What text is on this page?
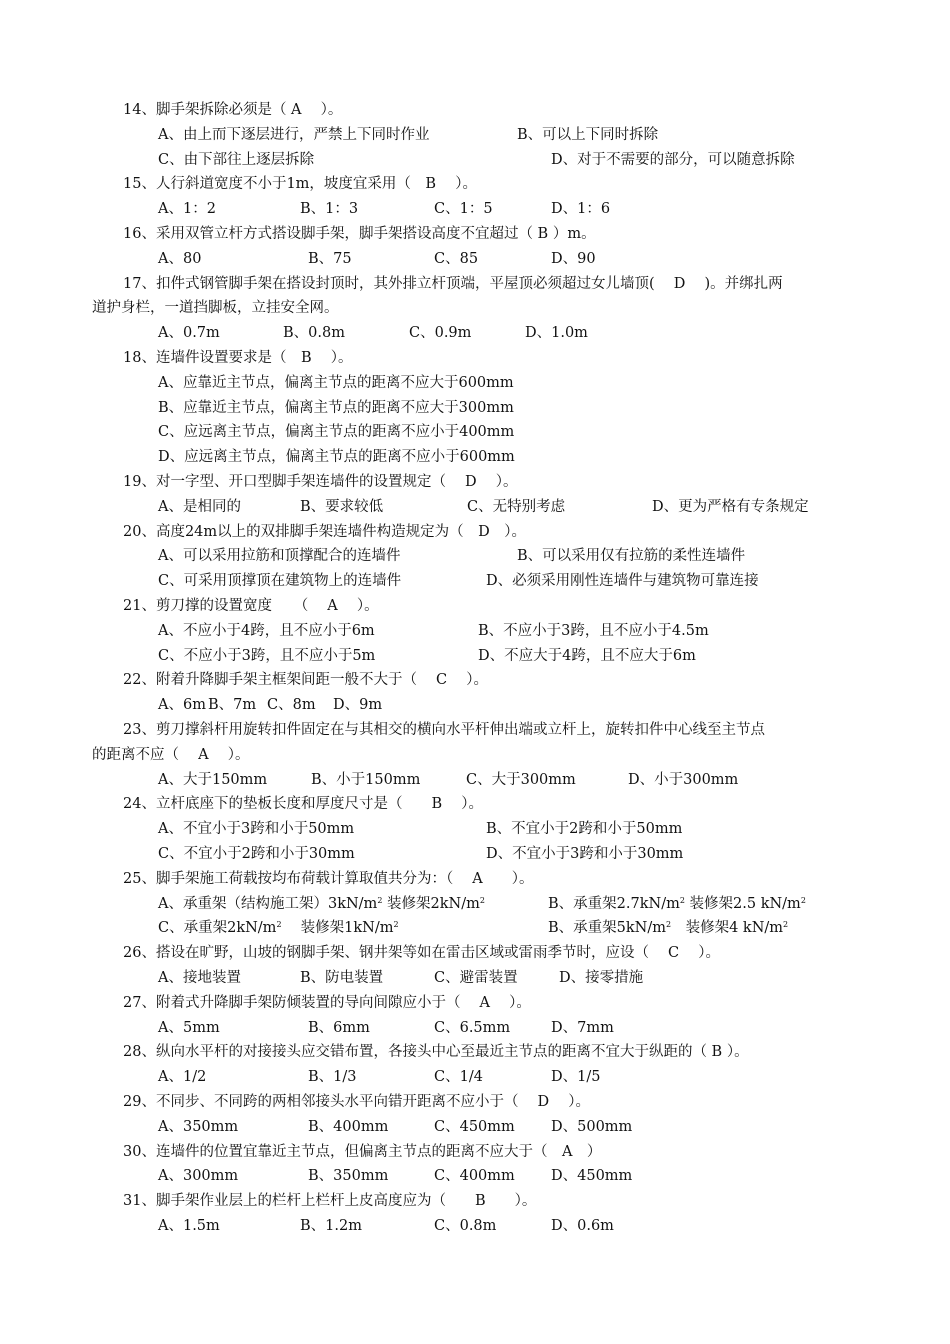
14、脚手架拆除必须是（ A　 ）。
A、由上而下逐层进行，严禁上下同时作业	B、可以上下同时拆除
C、由下部往上逐层拆除	D、对于不需要的部分，可以随意拆除
15、人行斜道宽度不小于1m，坡度宜采用（　B　 ）。
A、1：2	B、1：3	C、1：5	D、1：6
16、采用双管立杆方式搭设脚手架，脚手架搭设高度不宜超过（ B ）m。
A、80	B、75	C、85	D、90
17、扣件式钢管脚手架在搭设封顶时，其外排立杆顶端，平屋顶必须超过女儿墙顶(　 D　 )。并绑扎两
道护身栏，一道挡脚板，立挂安全网。
A、0.7m	B、0.8m	C、0.9m	D、1.0m
18、连墙件设置要求是（　B　 ）。
A、应靠近主节点，偏离主节点的距离不应大于600mm
B、应靠近主节点，偏离主节点的距离不应大于300mm
C、应远离主节点，偏离主节点的距离不应小于400mm
D、应远离主节点，偏离主节点的距离不应小于600mm
19、对一字型、开口型脚手架连墙件的设置规定（　 D　 ）。
A、是相同的	B、要求较低	C、无特别考虑	D、更为严格有专条规定
20、高度24m以上的双排脚手架连墙件构造规定为（　D　）。
A、可以采用拉筋和顶撑配合的连墙件	B、可以采用仅有拉筋的柔性连墙件
C、可采用顶撑顶在建筑物上的连墙件	D、必须采用刚性连墙件与建筑物可靠连接
21、剪刀撑的设置宽度　　（　 A　 ）。
A、不应小于4跨，且不应小于6m	B、不应小于3跨，且不应小于4.5m
C、不应小于3跨，且不应小于5m	D、不应大于4跨，且不应大于6m
22、附着升降脚手架主框架间距一般不大于（　 C　 ）。
A、6m B、7m C、8m D、9m
23、剪刀撑斜杆用旋转扣件固定在与其相交的横向水平杆伸出端或立杆上，旋转扣件中心线至主节点
的距离不应（　 A　 ）。
A、大于150mm	B、小于150mm	C、大于300mm	D、小于300mm
24、立杆底座下的垫板长度和厚度尺寸是（　　B　 ）。
A、不宜小于3跨和小于50mm	B、不宜小于2跨和小于50mm
C、不宜小于2跨和小于30mm	D、不宜小于3跨和小于30mm
25、脚手架施工荷载按均布荷载计算取值共分为：（　 A　　）。
A、承重架（结构施工架）$3kN/m^2$ 装修架$2kN/m^2$	B、承重架$2.7kN/m^2$ 装修架2.5 $kN/m^2$
C、承重架$2kN/m^2$　 装修架$1kN/m^2$	B、承重架$5kN/m^2$　装修架4 $kN/m^2$
26、搭设在旷野，山坡的钢脚手架、钢井架等如在雷击区域或雷雨季节时，应设（　 C　 ）。
A、接地装置	B、防电装置	C、避雷装置	D、接零措施
27、附着式升降脚手架防倾装置的导向间隙应小于（　 A　 ）。
A、5mm	B、6mm	C、6.5mm	D、7mm
28、纵向水平杆的对接接头应交错布置，各接头中心至最近主节点的距离不宜大于纵距的（ B ）。
A、1/2	B、1/3	C、1/4	D、1/5
29、不同步、不同跨的两相邻接头水平向错开距离不应小于（　 D　 ）。
A、350mm	B、400mm	C、450mm D、500mm
30、连墙件的位置宜靠近主节点，但偏离主节点的距离不应大于（　A　）
A、300mm	B、350mm	C、400mm D、450mm
31、脚手架作业层上的栏杆上栏杆上皮高度应为（　　B　　）。
A、1.5m	B、1.2m	C、0.8m	D、0.6m
